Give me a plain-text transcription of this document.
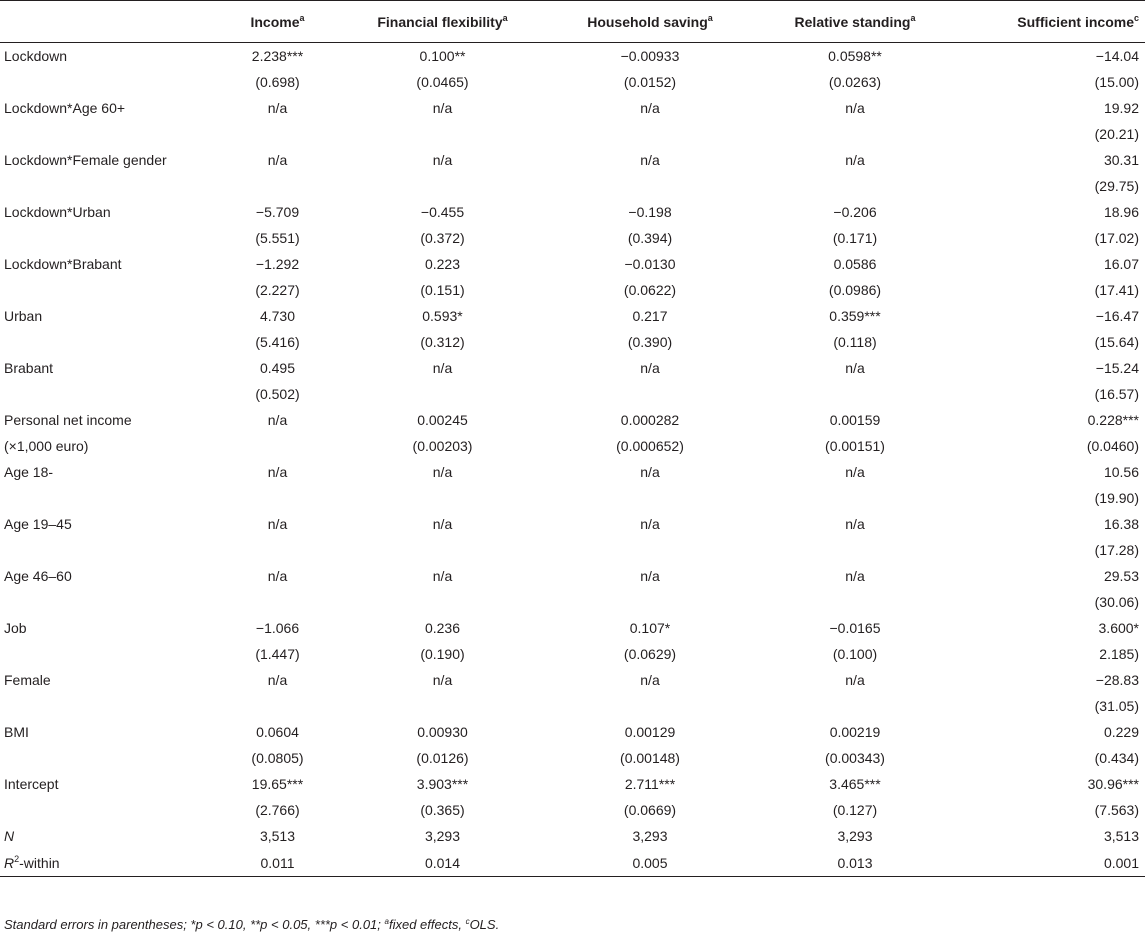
	Income$^a$	Financial flexibility$^a$	Household saving$^a$	Relative standing$^a$	Sufficient income$^c$
Lockdown	2.238***	0.100**	−0.00933	0.0598**	−14.04
	(0.698)	(0.0465)	(0.0152)	(0.0263)	(15.00)
Lockdown*Age 60+	n/a	n/a	n/a	n/a	19.92
					(20.21)
Lockdown*Female gender	n/a	n/a	n/a	n/a	30.31
					(29.75)
Lockdown*Urban	−5.709	−0.455	−0.198	−0.206	18.96
	(5.551)	(0.372)	(0.394)	(0.171)	(17.02)
Lockdown*Brabant	−1.292	0.223	−0.0130	0.0586	16.07
	(2.227)	(0.151)	(0.0622)	(0.0986)	(17.41)
Urban	4.730	0.593*	0.217	0.359***	−16.47
	(5.416)	(0.312)	(0.390)	(0.118)	(15.64)
Brabant	0.495	n/a	n/a	n/a	−15.24
	(0.502)				(16.57)
Personal net income	n/a	0.00245	0.000282	0.00159	0.228***
(×1,000 euro)		(0.00203)	(0.000652)	(0.00151)	(0.0460)
Age 18-	n/a	n/a	n/a	n/a	10.56
					(19.90)
Age 19–45	n/a	n/a	n/a	n/a	16.38
					(17.28)
Age 46–60	n/a	n/a	n/a	n/a	29.53
					(30.06)
Job	−1.066	0.236	0.107*	−0.0165	3.600*
	(1.447)	(0.190)	(0.0629)	(0.100)	2.185)
Female	n/a	n/a	n/a	n/a	−28.83
					(31.05)
BMI	0.0604	0.00930	0.00129	0.00219	0.229
	(0.0805)	(0.0126)	(0.00148)	(0.00343)	(0.434)
Intercept	19.65***	3.903***	2.711***	3.465***	30.96***
	(2.766)	(0.365)	(0.0669)	(0.127)	(7.563)
N	3,513	3,293	3,293	3,293	3,513
$R^2$-within	0.011	0.014	0.005	0.013	0.001
Standard errors in parentheses; *p < 0.10, **p < 0.05, ***p < 0.01; $^a$fixed effects, $^c$OLS.
